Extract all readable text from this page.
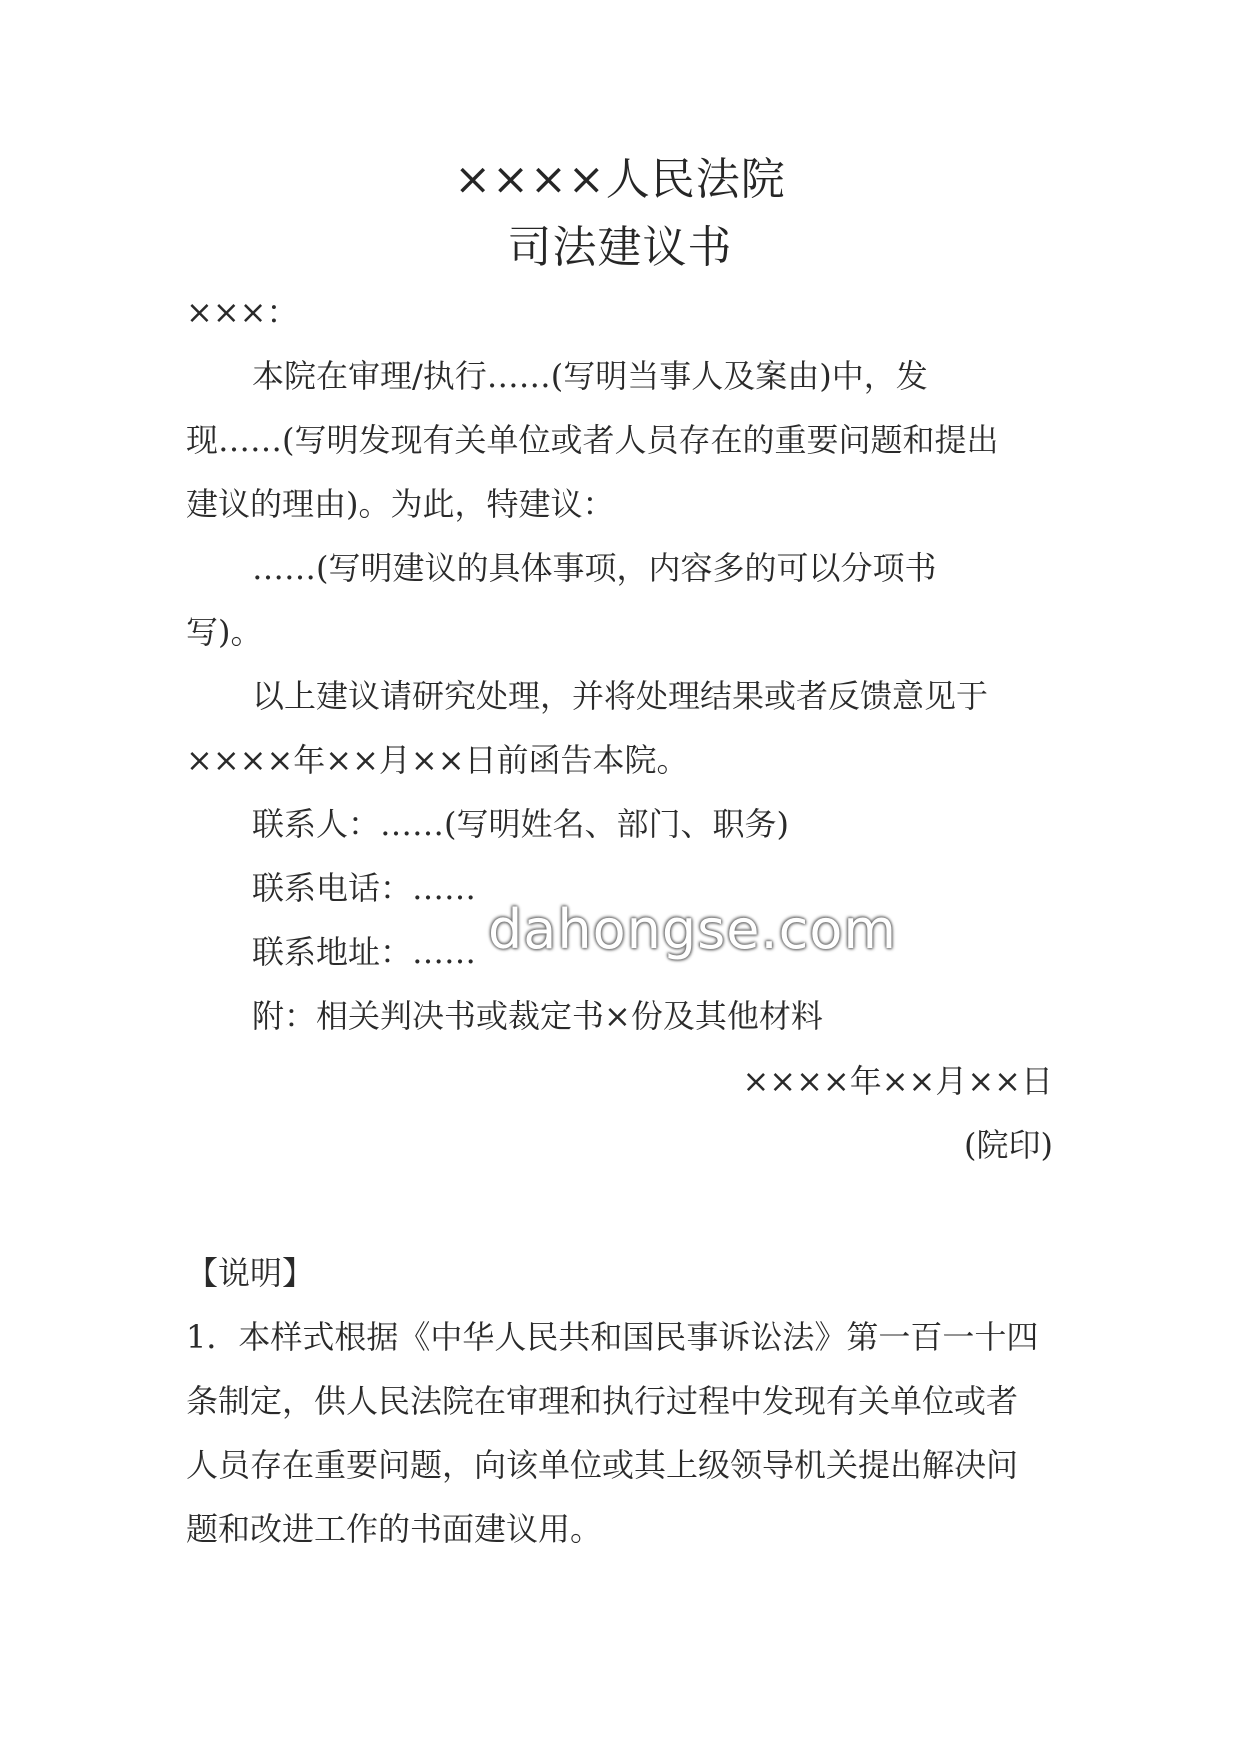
××××人民法院
司法建议书
×××：
本院在审理/执行……(写明当事人及案由)中，发
现……(写明发现有关单位或者人员存在的重要问题和提出
建议的理由)。为此，特建议：
……(写明建议的具体事项，内容多的可以分项书
写)。
以上建议请研究处理，并将处理结果或者反馈意见于
××××年××月××日前函告本院。
联系人：……(写明姓名、部门、职务)
联系电话：……
联系地址：……
附：相关判决书或裁定书×份及其他材料
××××年××月××日
(院印)
【说明】
1．本样式根据《中华人民共和国民事诉讼法》第一百一十四
条制定，供人民法院在审理和执行过程中发现有关单位或者
人员存在重要问题，向该单位或其上级领导机关提出解决问
题和改进工作的书面建议用。
dahongse.com
